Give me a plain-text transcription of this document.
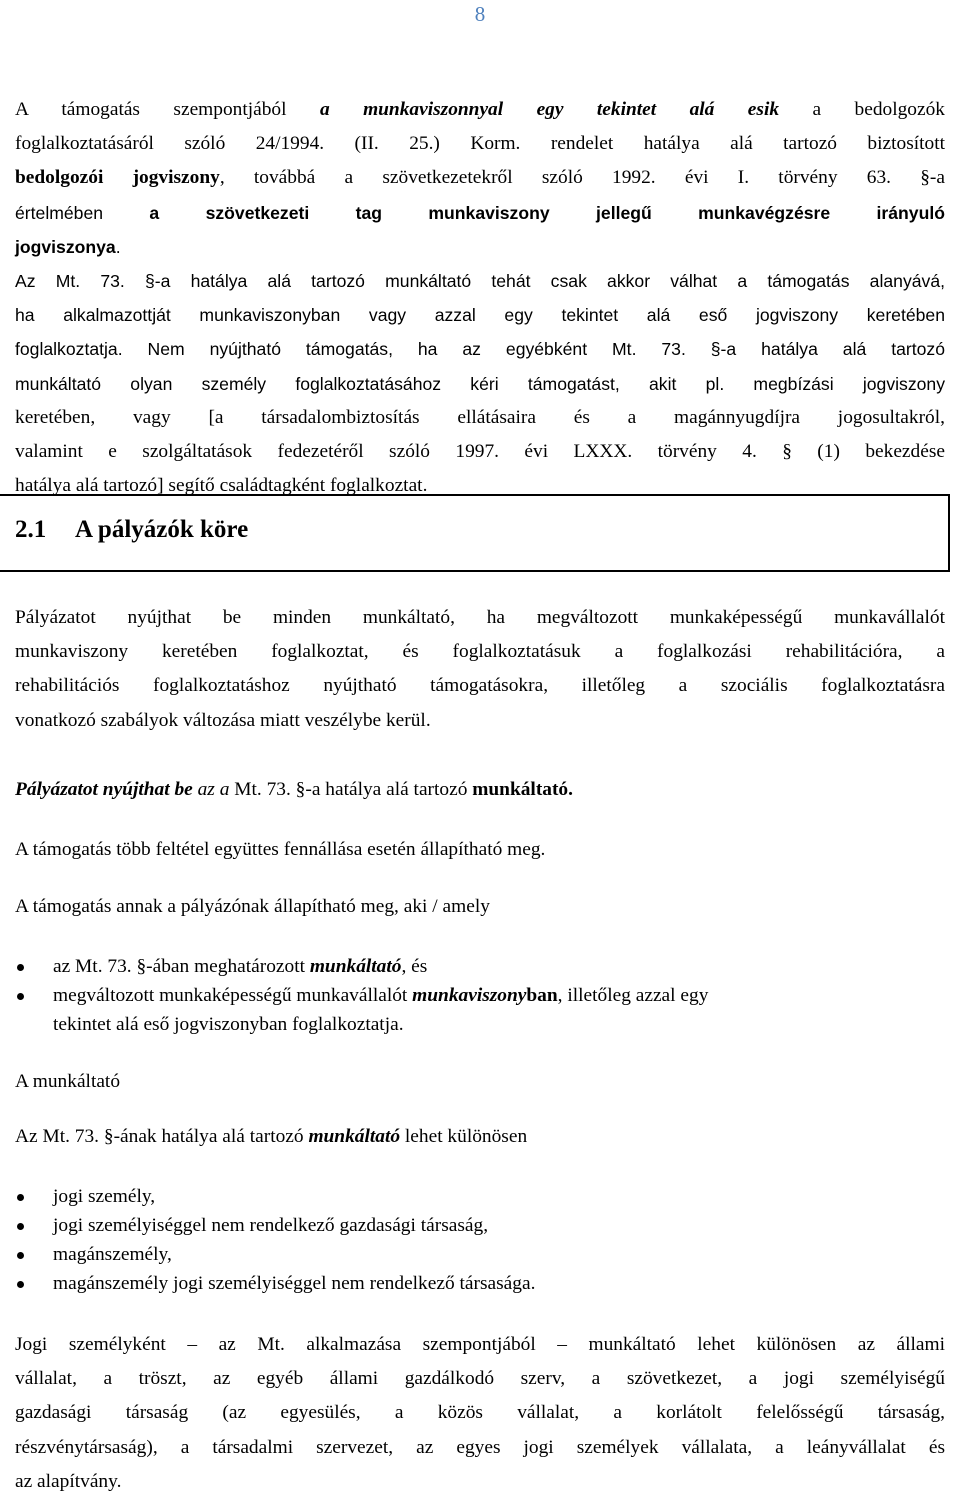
8
A támogatás szempontjából a munkaviszonnyal egy tekintet alá esik a bedolgozók
foglalkoztatásáról szóló 24/1994. (II. 25.) Korm. rendelet hatálya alá tartozó biztosított
bedolgozói jogviszony, továbbá a szövetkezetekről szóló 1992. évi I. törvény 63. §-a
értelmében a szövetkezeti tag munkaviszony jellegű munkavégzésre irányuló
jogviszonya.
Az Mt. 73. §-a hatálya alá tartozó munkáltató tehát csak akkor válhat a támogatás alanyává,
ha alkalmazottját munkaviszonyban vagy azzal egy tekintet alá eső jogviszony keretében
foglalkoztatja. Nem nyújtható támogatás, ha az egyébként Mt. 73. §-a hatálya alá tartozó
munkáltató olyan személy foglalkoztatásához kéri támogatást, akit pl. megbízási jogviszony
keretében, vagy [a társadalombiztosítás ellátásaira és a magánnyugdíjra jogosultakról,
valamint e szolgáltatások fedezetéről szóló 1997. évi LXXX. törvény 4. § (1) bekezdése
hatálya alá tartozó] segítő családtagként foglalkoztat.
2.1 A pályázók köre
Pályázatot nyújthat be minden munkáltató, ha megváltozott munkaképességű munkavállalót
munkaviszony keretében foglalkoztat, és foglalkoztatásuk a foglalkozási rehabilitációra, a
rehabilitációs foglalkoztatáshoz nyújtható támogatásokra, illetőleg a szociális foglalkoztatásra
vonatkozó szabályok változása miatt veszélybe kerül.
Pályázatot nyújthat be az a Mt. 73. §-a hatálya alá tartozó munkáltató.
A támogatás több feltétel együttes fennállása esetén állapítható meg.
A támogatás annak a pályázónak állapítható meg, aki / amely
az Mt. 73. §-ában meghatározott munkáltató, és
megváltozott munkaképességű munkavállalót munkaviszonyban, illetőleg azzal egy
tekintet alá eső jogviszonyban foglalkoztatja.
A munkáltató
Az Mt. 73. §-ának hatálya alá tartozó munkáltató lehet különösen
jogi személy,
jogi személyiséggel nem rendelkező gazdasági társaság,
magánszemély,
magánszemély jogi személyiséggel nem rendelkező társasága.
Jogi személyként – az Mt. alkalmazása szempontjából – munkáltató lehet különösen az állami
vállalat, a tröszt, az egyéb állami gazdálkodó szerv, a szövetkezet, a jogi személyiségű
gazdasági társaság (az egyesülés, a közös vállalat, a korlátolt felelősségű társaság,
részvénytársaság), a társadalmi szervezet, az egyes jogi személyek vállalata, a leányvállalat és
az alapítvány.
